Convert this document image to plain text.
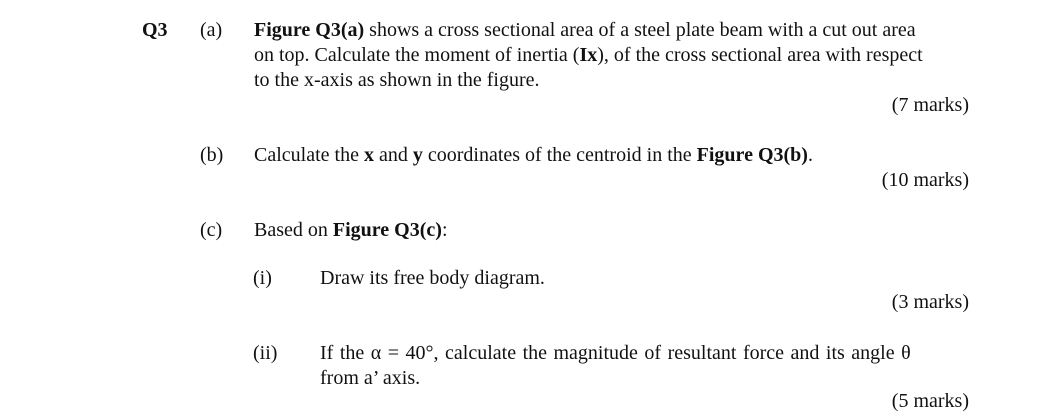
Q3 (a) Figure Q3(a) shows a cross sectional area of a steel plate beam with a cut out area
on top. Calculate the moment of inertia (Ix), of the cross sectional area with respect
to the x-axis as shown in the figure.
(7 marks)
(b) Calculate the x and y coordinates of the centroid in the Figure Q3(b).
(10 marks)
(c) Based on Figure Q3(c):
(i) Draw its free body diagram.
(3 marks)
(ii) If the α = 40°, calculate the magnitude of resultant force and its angle θ
from a’ axis.
(5 marks)
